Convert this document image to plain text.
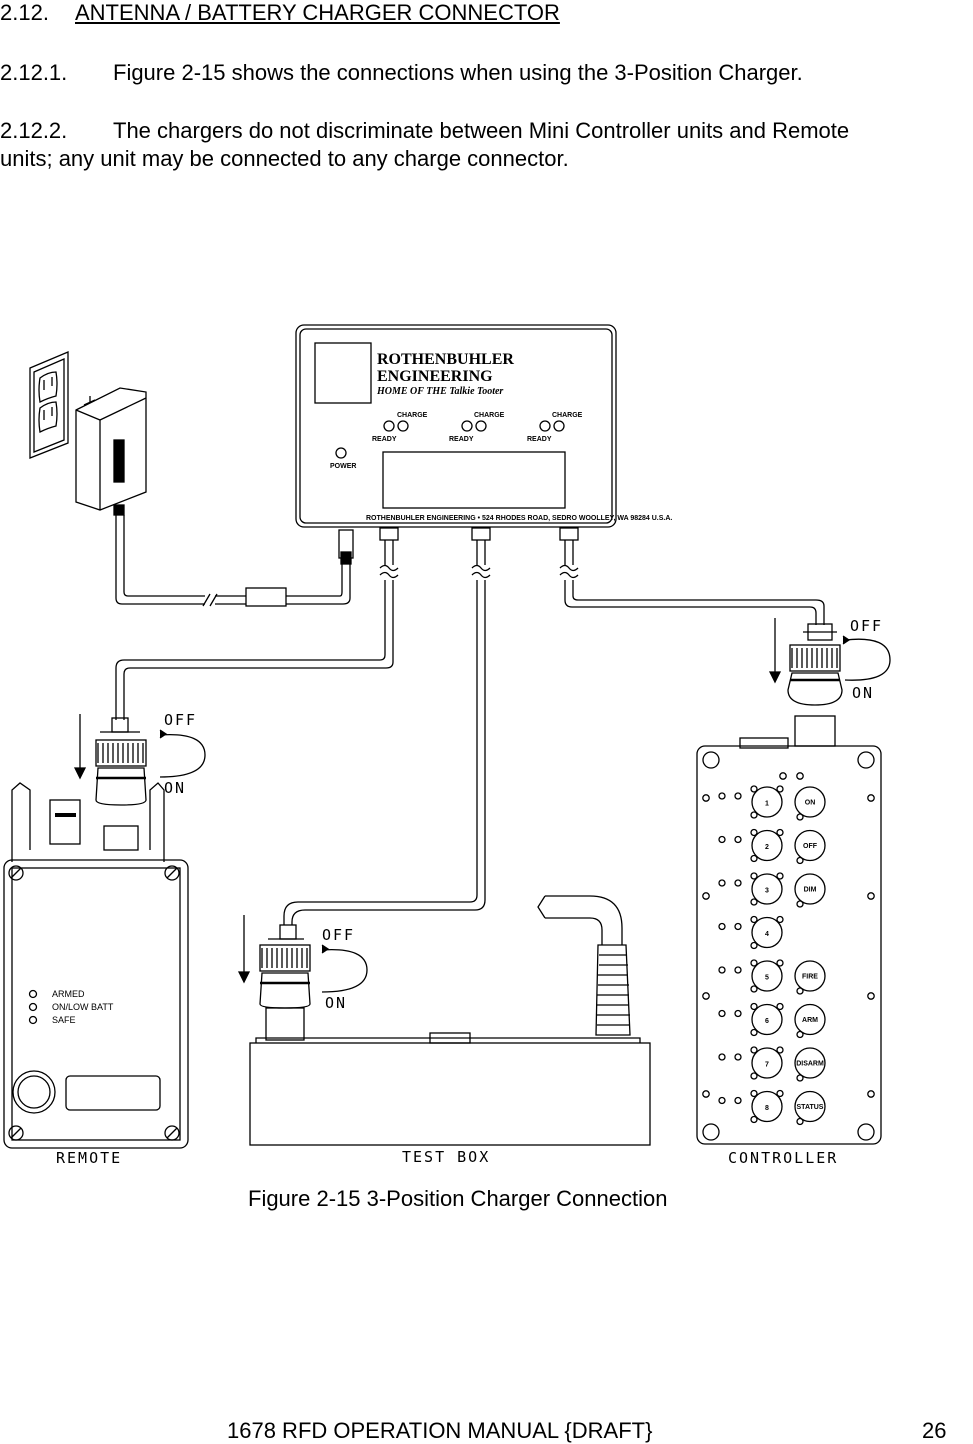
2.12. ANTENNA / BATTERY CHARGER CONNECTOR
2.12.1. Figure 2-15 shows the connections when using the 3-Position Charger.
2.12.2. The chargers do not discriminate between Mini Controller units and Remote
units; any unit may be connected to any charge connector.
ROTHENBUHLER
ENGINEERING
HOME OF THE Talkie Tooter
CHARGE	CHARGE	CHARGE
READY	READY	READY
POWER
ROTHENBUHLER ENGINEERING • 524 RHODES ROAD, SEDRO WOOLLEY, WA 98284 U.S.A.
OFF
ON
OFF
ON
ARMED
ON/LOW BATT
SAFE
REMOTE
OFF
ON
TEST BOX
1
2
3
4
5
6
7
8
ON
OFF
DIM
FIRE
ARM
DISARM
STATUS
CONTROLLER
Figure 2-15 3-Position Charger Connection
1678 RFD OPERATION MANUAL {DRAFT}	26
